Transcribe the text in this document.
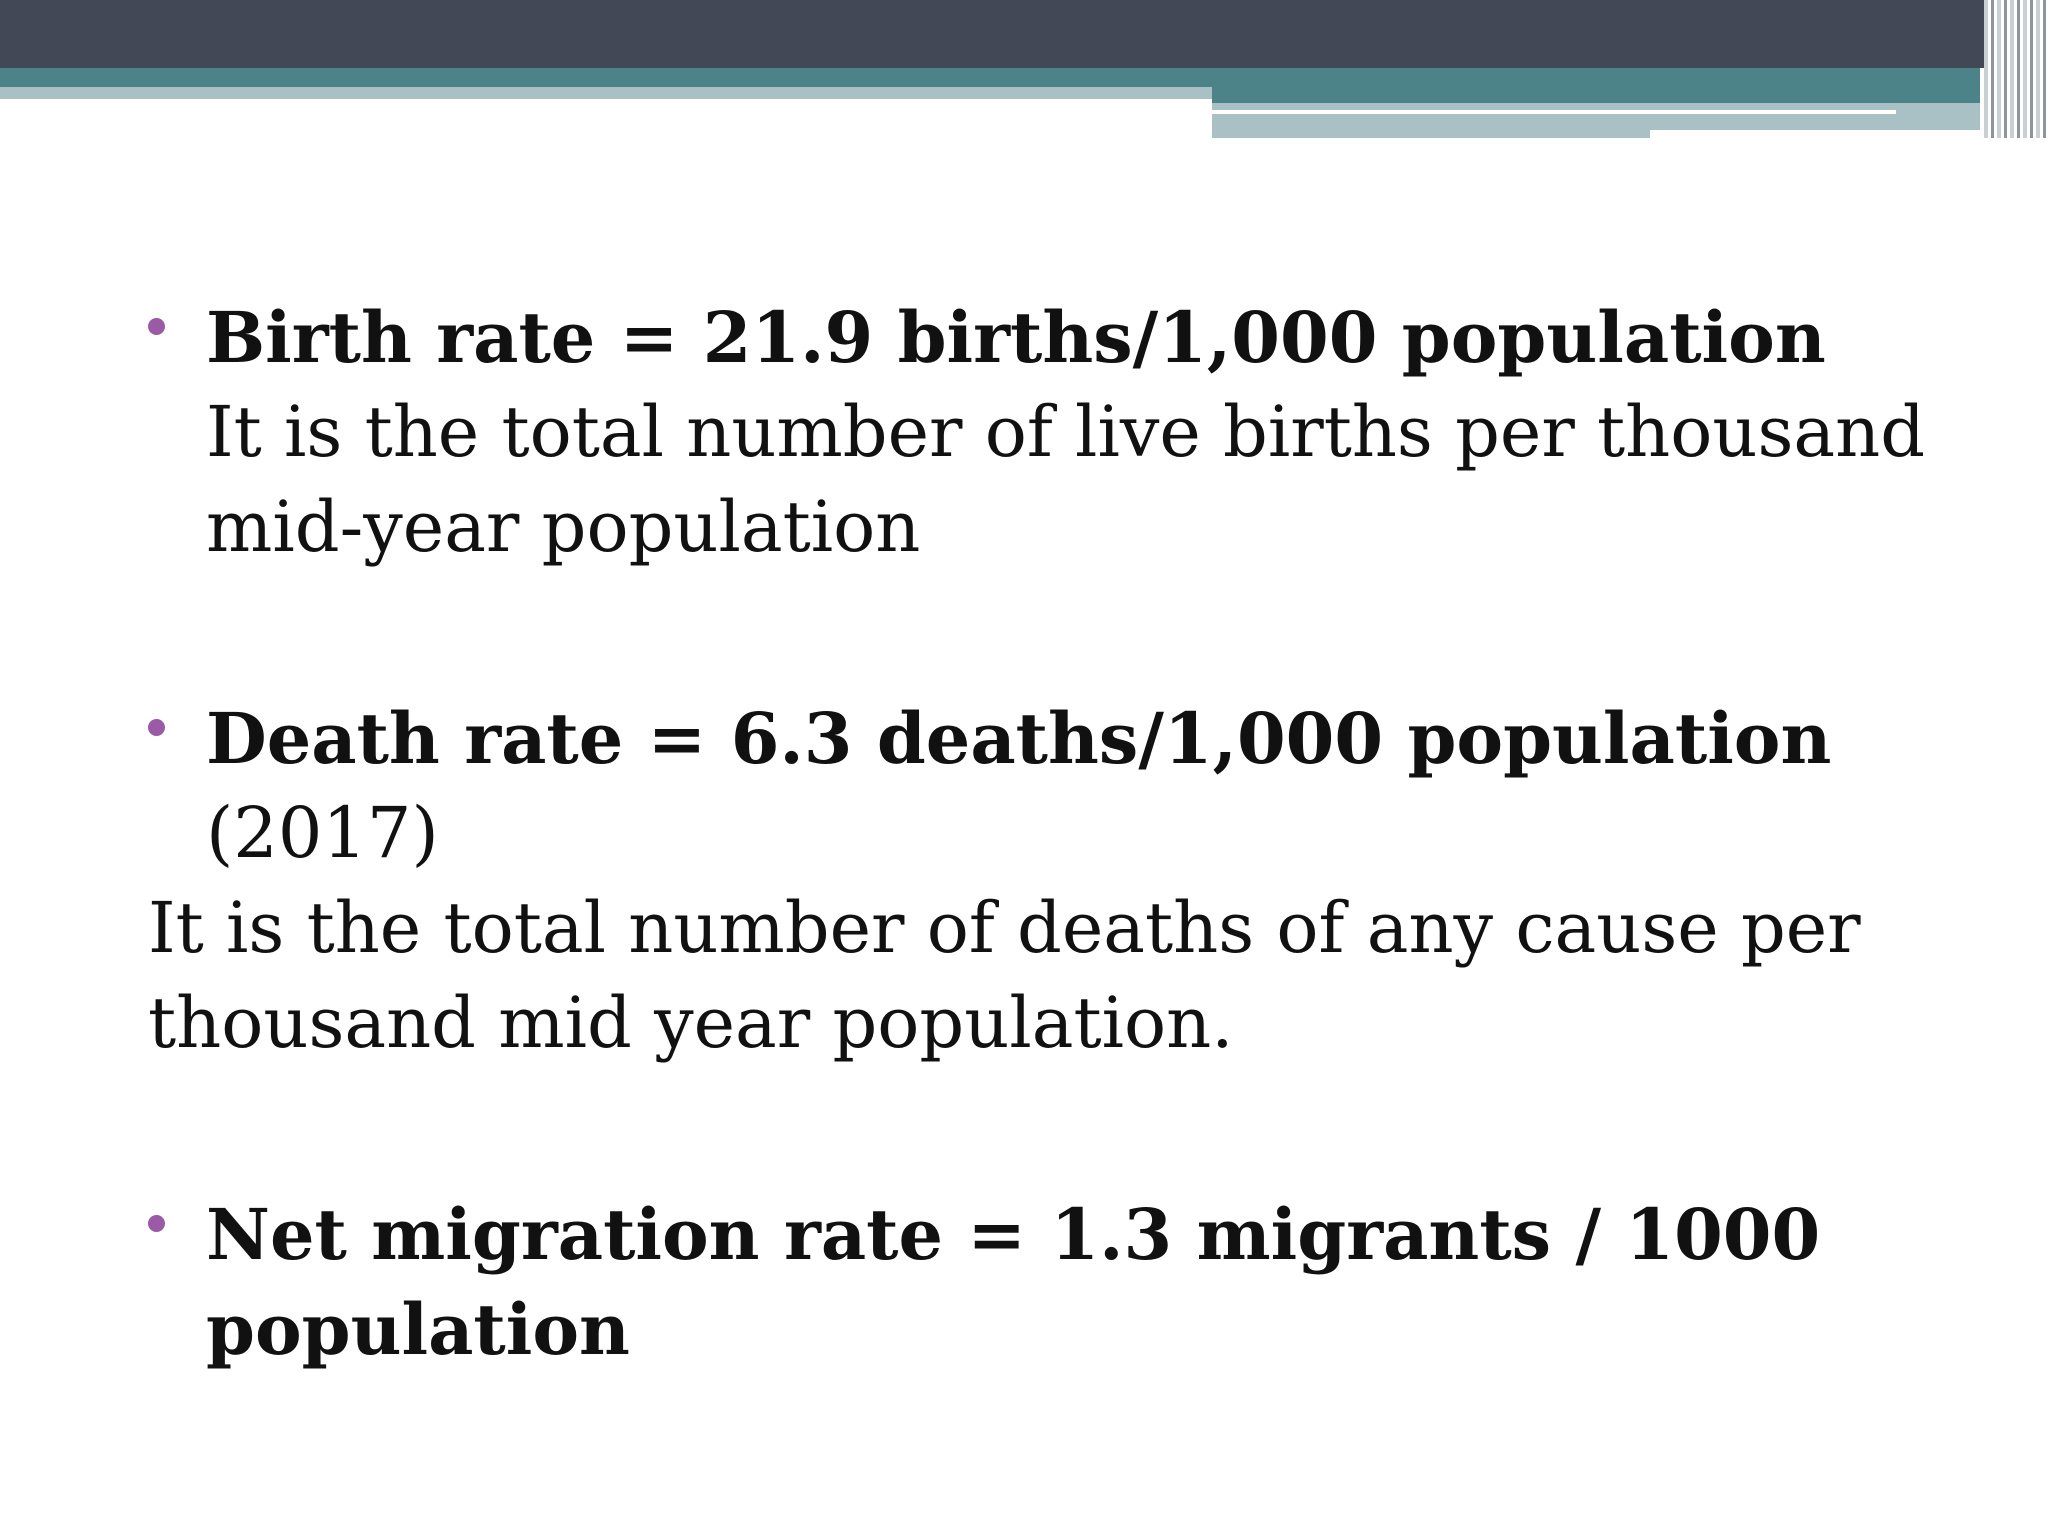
Birth rate = 21.9 births/1,000 population
It is the total number of live births per thousand mid-year population
Death rate = 6.3 deaths/1,000 population
(2017)
It is the total number of deaths of any cause per thousand mid year population.
Net migration rate = 1.3 migrants / 1000 population
